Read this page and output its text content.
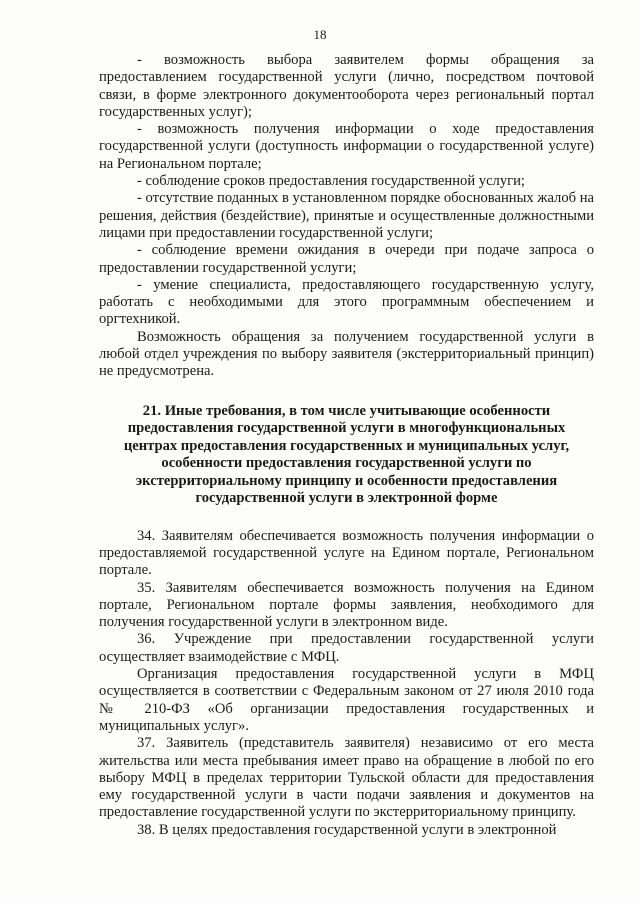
18

- возможность выбора заявителем формы обращения за предоставлением государственной услуги (лично, посредством почтовой связи, в форме электронного документооборота через региональный портал государственных услуг);

- возможность получения информации о ходе предоставления государственной услуги (доступность информации о государственной услуге) на Региональном портале;

- соблюдение сроков предоставления государственной услуги;

- отсутствие поданных в установленном порядке обоснованных жалоб на решения, действия (бездействие), принятые и осуществленные должностными лицами при предоставлении государственной услуги;

- соблюдение времени ожидания в очереди при подаче запроса о предоставлении государственной услуги;

- умение специалиста, предоставляющего государственную услугу, работать с необходимыми для этого программным обеспечением и оргтехникой.

Возможность обращения за получением государственной услуги в любой отдел учреждения по выбору заявителя (экстерриториальный принцип) не предусмотрена.

21. Иные требования, в том числе учитывающие особенности предоставления государственной услуги в многофункциональных центрах предоставления государственных и муниципальных услуг, особенности предоставления государственной услуги по экстерриториальному принципу и особенности предоставления государственной услуги в электронной форме

34. Заявителям обеспечивается возможность получения информации о предоставляемой государственной услуге на Едином портале, Региональном портале.

35. Заявителям обеспечивается возможность получения на Едином портале, Региональном портале формы заявления, необходимого для получения государственной услуги в электронном виде.

36. Учреждение при предоставлении государственной услуги осуществляет взаимодействие с МФЦ.

Организация предоставления государственной услуги в МФЦ осуществляется в соответствии с Федеральным законом от 27 июля 2010 года № 210-ФЗ «Об организации предоставления государственных и муниципальных услуг».

37. Заявитель (представитель заявителя) независимо от его места жительства или места пребывания имеет право на обращение в любой по его выбору МФЦ в пределах территории Тульской области для предоставления ему государственной услуги в части подачи заявления и документов на предоставление государственной услуги по экстерриториальному принципу.

38. В целях предоставления государственной услуги в электронной
